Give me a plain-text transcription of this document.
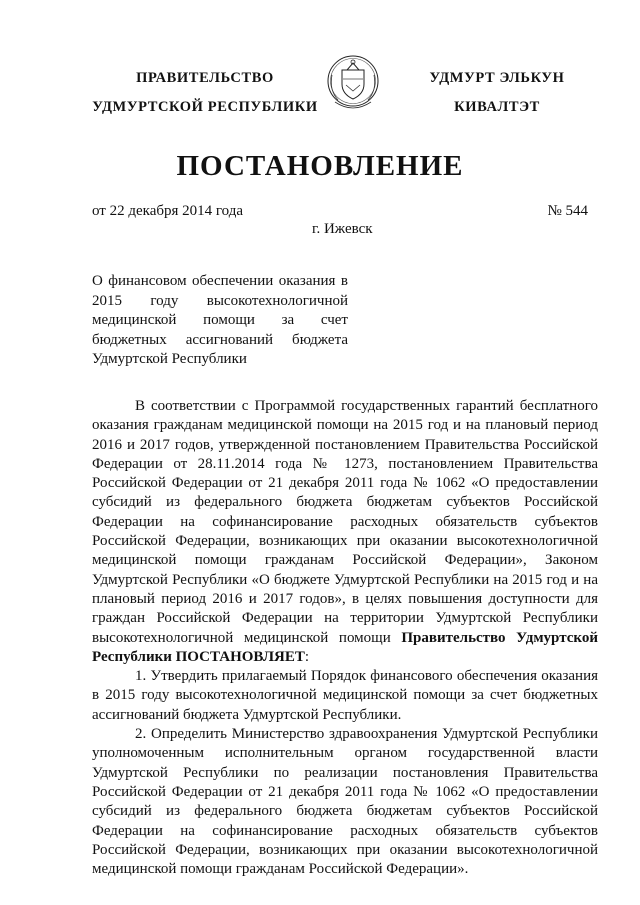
ПРАВИТЕЛЬСТВО
УДМУРТСКОЙ РЕСПУБЛИКИ
УДМУРТ ЭЛЬКУН
КИВАЛТЭТ
ПОСТАНОВЛЕНИЕ
от 22 декабря 2014 года	№ 544
г. Ижевск
О финансовом обеспечении оказания в 2015 году высокотехнологичной медицинской помощи за счет бюджетных ассигнований бюджета Удмуртской Республики

В соответствии с Программой государственных гарантий бесплатного оказания гражданам медицинской помощи на 2015 год и на плановый период 2016 и 2017 годов, утвержденной постановлением Правительства Российской Федерации от 28.11.2014 года № 1273, постановлением Правительства Российской Федерации от 21 декабря 2011 года № 1062 «О предоставлении субсидий из федерального бюджета бюджетам субъектов Российской Федерации на софинансирование расходных обязательств субъектов Российской Федерации, возникающих при оказании высокотехнологичной медицинской помощи гражданам Российской Федерации», Законом Удмуртской Республики «О бюджете Удмуртской Республики на 2015 год и на плановый период 2016 и 2017 годов», в целях повышения доступности для граждан Российской Федерации на территории Удмуртской Республики высокотехнологичной медицинской помощи Правительство Удмуртской Республики ПОСТАНОВЛЯЕТ:

1. Утвердить прилагаемый Порядок финансового обеспечения оказания в 2015 году высокотехнологичной медицинской помощи за счет бюджетных ассигнований бюджета Удмуртской Республики.

2. Определить Министерство здравоохранения Удмуртской Республики уполномоченным исполнительным органом государственной власти Удмуртской Республики по реализации постановления Правительства Российской Федерации от 21 декабря 2011 года № 1062 «О предоставлении субсидий из федерального бюджета бюджетам субъектов Российской Федерации на софинансирование расходных обязательств субъектов Российской Федерации, возникающих при оказании высокотехнологичной медицинской помощи гражданам Российской Федерации».
